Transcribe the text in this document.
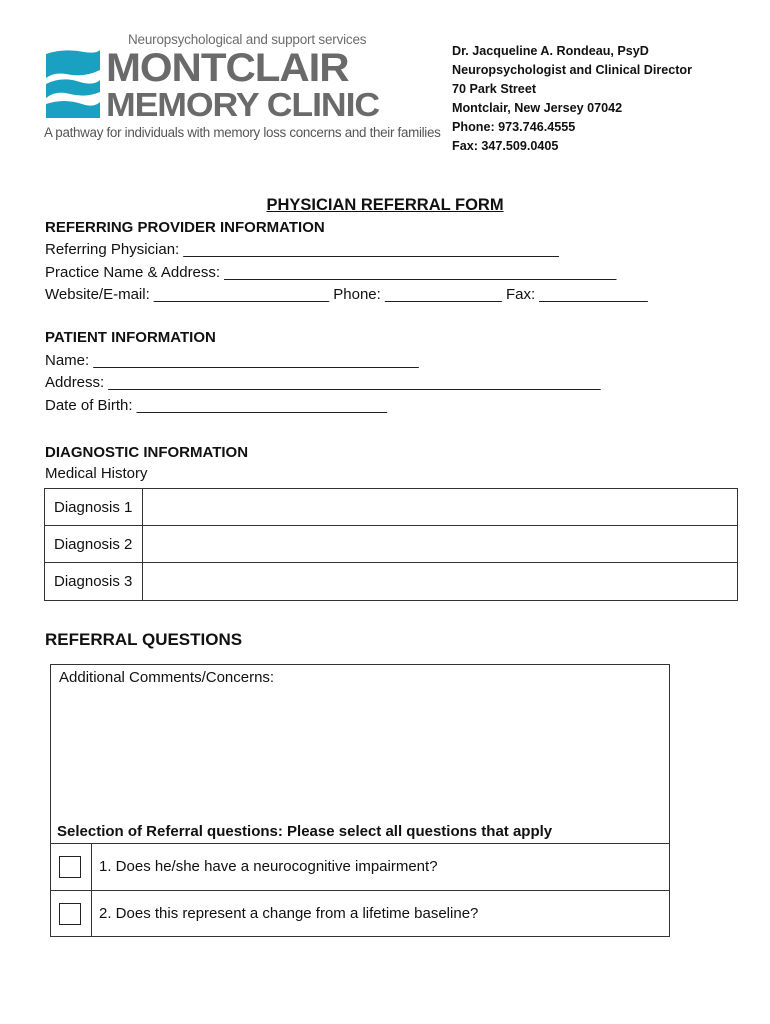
Neuropsychological and support services
MONTCLAIR
MEMORY CLINIC
A pathway for individuals with memory loss concerns and their families
Dr. Jacqueline A. Rondeau, PsyD
Neuropsychologist and Clinical Director
70 Park Street
Montclair, New Jersey 07042
Phone: 973.746.4555
Fax: 347.509.0405
PHYSICIAN REFERRAL FORM
REFERRING PROVIDER INFORMATION
Referring Physician: _____________________________________________
Practice Name & Address: _______________________________________________
Website/E-mail: _____________________ Phone: ______________ Fax: _____________
PATIENT INFORMATION
Name: _______________________________________
Address: ___________________________________________________________
Date of Birth: ______________________________
DIAGNOSTIC INFORMATION
Medical History
Diagnosis 1
Diagnosis 2
Diagnosis 3
REFERRAL QUESTIONS
Additional Comments/Concerns:
Selection of Referral questions: Please select all questions that apply
1. Does he/she have a neurocognitive impairment?
2. Does this represent a change from a lifetime baseline?
